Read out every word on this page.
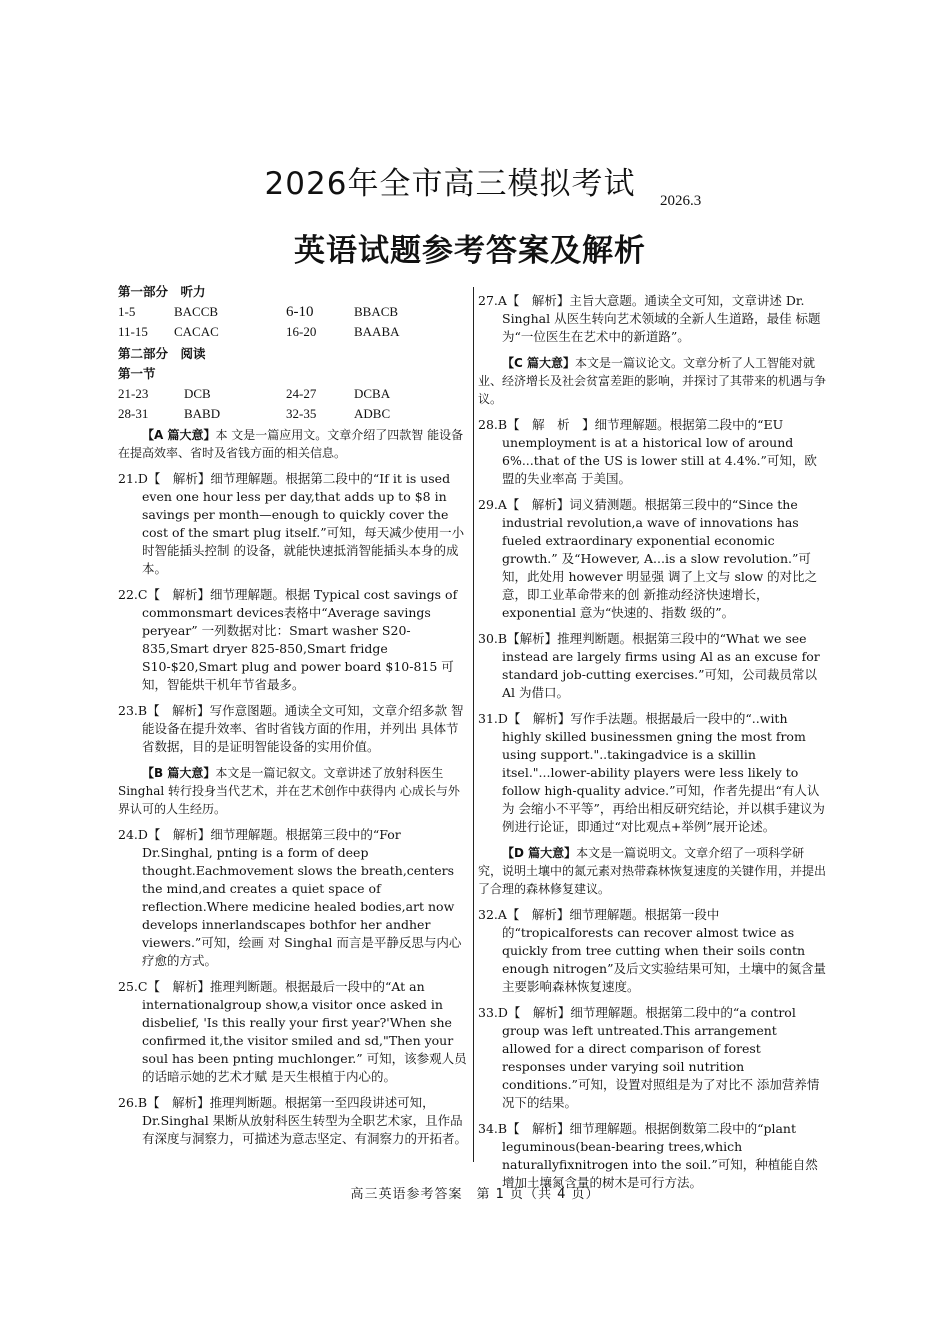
2026年全市高三模拟考试	2026.3
英语试题参考答案及解析

第一部分　听力

1-5	BACCB	6-10	BBACB
11-15	CACAC	16-20	BAABA

第二部分　阅读

第一节

21-23	DCB	24-27	DCBA
28-31	BABD	32-35	ADBC

【A 篇大意】本 文是一篇应用文。文章介绍了四款智 能设备在提高效率、省时及省钱方面的相关信息。

21.D【　解析】细节理解题。根据第二段中的“If it is used even one hour less per day,that adds up to $8 in savings per month—enough to quickly cover the cost of the smart plug itself.”可知，每天减少使用一小时智能插头控制 的设备，就能快速抵消智能插头本身的成本。

22.C【　解析】细节理解题。根据 Typical cost savings of commonsmart devices表格中“Average savings peryear” 一列数据对比：Smart washer S20-835,Smart dryer 825-850,Smart fridge S10-$20,Smart plug and power board $10-815 可知，智能烘干机年节省最多。

23.B【　解析】写作意图题。通读全文可知，文章介绍多款 智能设备在提升效率、省时省钱方面的作用，并列出 具体节省数据，目的是证明智能设备的实用价值。

【B 篇大意】本文是一篇记叙文。文章讲述了放射科医生 Singhal 转行投身当代艺术，并在艺术创作中获得内 心成长与外界认可的人生经历。

24.D【　解析】细节理解题。根据第三段中的“For Dr.Singhal, pnting is a form of deep thought.Eachmovement slows the breath,centers the mind,and creates a quiet space of reflection.Where medicine healed bodies,art now develops innerlandscapes bothfor her andher viewers.”可知，绘画 对 Singhal 而言是平静反思与内心疗愈的方式。

25.C【　解析】推理判断题。根据最后一段中的“At an internationalgroup show,a visitor once asked in disbelief, 'Is this really your first year?'When she confirmed it,the visitor smiled and sd,"Then your soul has been pnting muchlonger.” 可知，该参观人员的话暗示她的艺术才赋 是天生根植于内心的。

26.B【　解析】推理判断题。根据第一至四段讲述可知，Dr.Singhal 果断从放射科医生转型为全职艺术家，且作品有深度与洞察力，可描述为意志坚定、有洞察力的开拓者。

27.A【　解析】主旨大意题。通读全文可知，文章讲述 Dr. Singhal 从医生转向艺术领域的全新人生道路，最佳 标题为“一位医生在艺术中的新道路”。

【C 篇大意】本文是一篇议论文。文章分析了人工智能对就业、经济增长及社会贫富差距的影响，并探讨了其带来的机遇与争议。

28.B【　解　析　】细节理解题。根据第二段中的“EU unemployment is at a historical low of around 6%...that of the US is lower still at 4.4%.”可知，欧盟的失业率高 于美国。

29.A【　解析】词义猜测题。根据第三段中的“Since the industrial revolution,a wave of innovations has fueled extraordinary exponential economic growth.” 及“However, A...is a slow revolution.”可知，此处用 however 明显强 调了上文与 slow 的对比之意，即工业革命带来的创 新推动经济快速增长，exponential 意为“快速的、指数 级的”。

30.B【解析】推理判断题。根据第三段中的“What we see instead are largely firms using Al as an excuse for standard job-cutting exercises.”可知，公司裁员常以 Al 为借口。

31.D【　解析】写作手法题。根据最后一段中的“..with highly skilled businessmen gning the most from using support."..takingadvice is a skillin itsel."...lower-ability players were less likely to follow high-quality advice.”可知，作者先提出“有人认为 会缩小不平等”，再给出相反研究结论，并以棋手建议为例进行论证，即通过“对比观点+举例”展开论述。

【D 篇大意】本文是一篇说明文。文章介绍了一项科学研究，说明土壤中的氮元素对热带森林恢复速度的关键作用，并提出了合理的森林修复建议。

32.A【　解析】细节理解题。根据第一段中的“tropicalforests can recover almost twice as quickly from tree cutting when their soils contn enough nitrogen”及后文实验结果可知，土壤中的氮含量主要影响森林恢复速度。

33.D【　解析】细节理解题。根据第二段中的“a control group was left untreated.This arrangement allowed for a direct comparison of forest responses under varying soil nutrition conditions.”可知，设置对照组是为了对比不 添加营养情况下的结果。

34.B【　解析】细节理解题。根据倒数第二段中的“plant leguminous(bean-bearing trees,which naturallyfixnitrogen into the soil.”可知，种植能自然增加土壤氮含量的树木是可行方法。

高三英语参考答案　第 1 页（共 4 页）
